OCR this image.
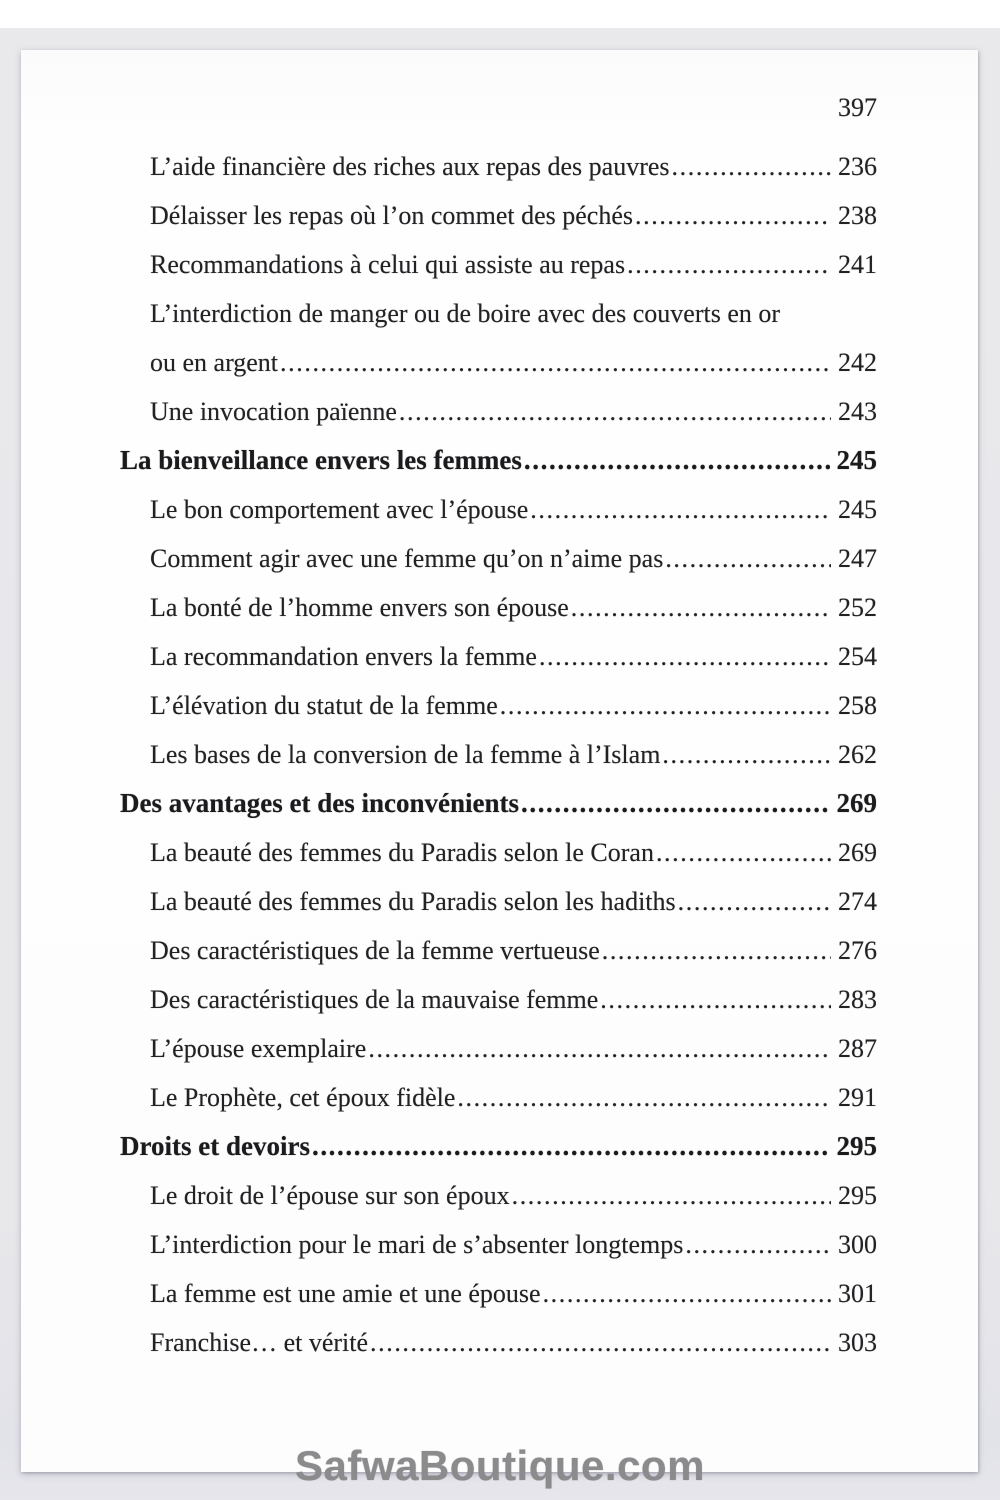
397
L’aide financière des riches aux repas des pauvres .....	236
Délaisser les repas où l’on commet des péchés .....	238
Recommandations à celui qui assiste au repas .....	241
L’interdiction de manger ou de boire avec des couverts en or
ou en argent .....	242
Une invocation païenne .....	243
La bienveillance envers les femmes .....	245
Le bon comportement avec l’épouse .....	245
Comment agir avec une femme qu’on n’aime pas .....	247
La bonté de l’homme envers son épouse .....	252
La recommandation envers la femme .....	254
L’élévation du statut de la femme .....	258
Les bases de la conversion de la femme à l’Islam .....	262
Des avantages et des inconvénients .....	269
La beauté des femmes du Paradis selon le Coran .....	269
La beauté des femmes du Paradis selon les hadiths .....	274
Des caractéristiques de la femme vertueuse .....	276
Des caractéristiques de la mauvaise femme .....	283
L’épouse exemplaire .....	287
Le Prophète, cet époux fidèle .....	291
Droits et devoirs .....	295
Le droit de l’épouse sur son époux .....	295
L’interdiction pour le mari de s’absenter longtemps .....	300
La femme est une amie et une épouse .....	301
Franchise… et vérité .....	303
SafwaBoutique.com
